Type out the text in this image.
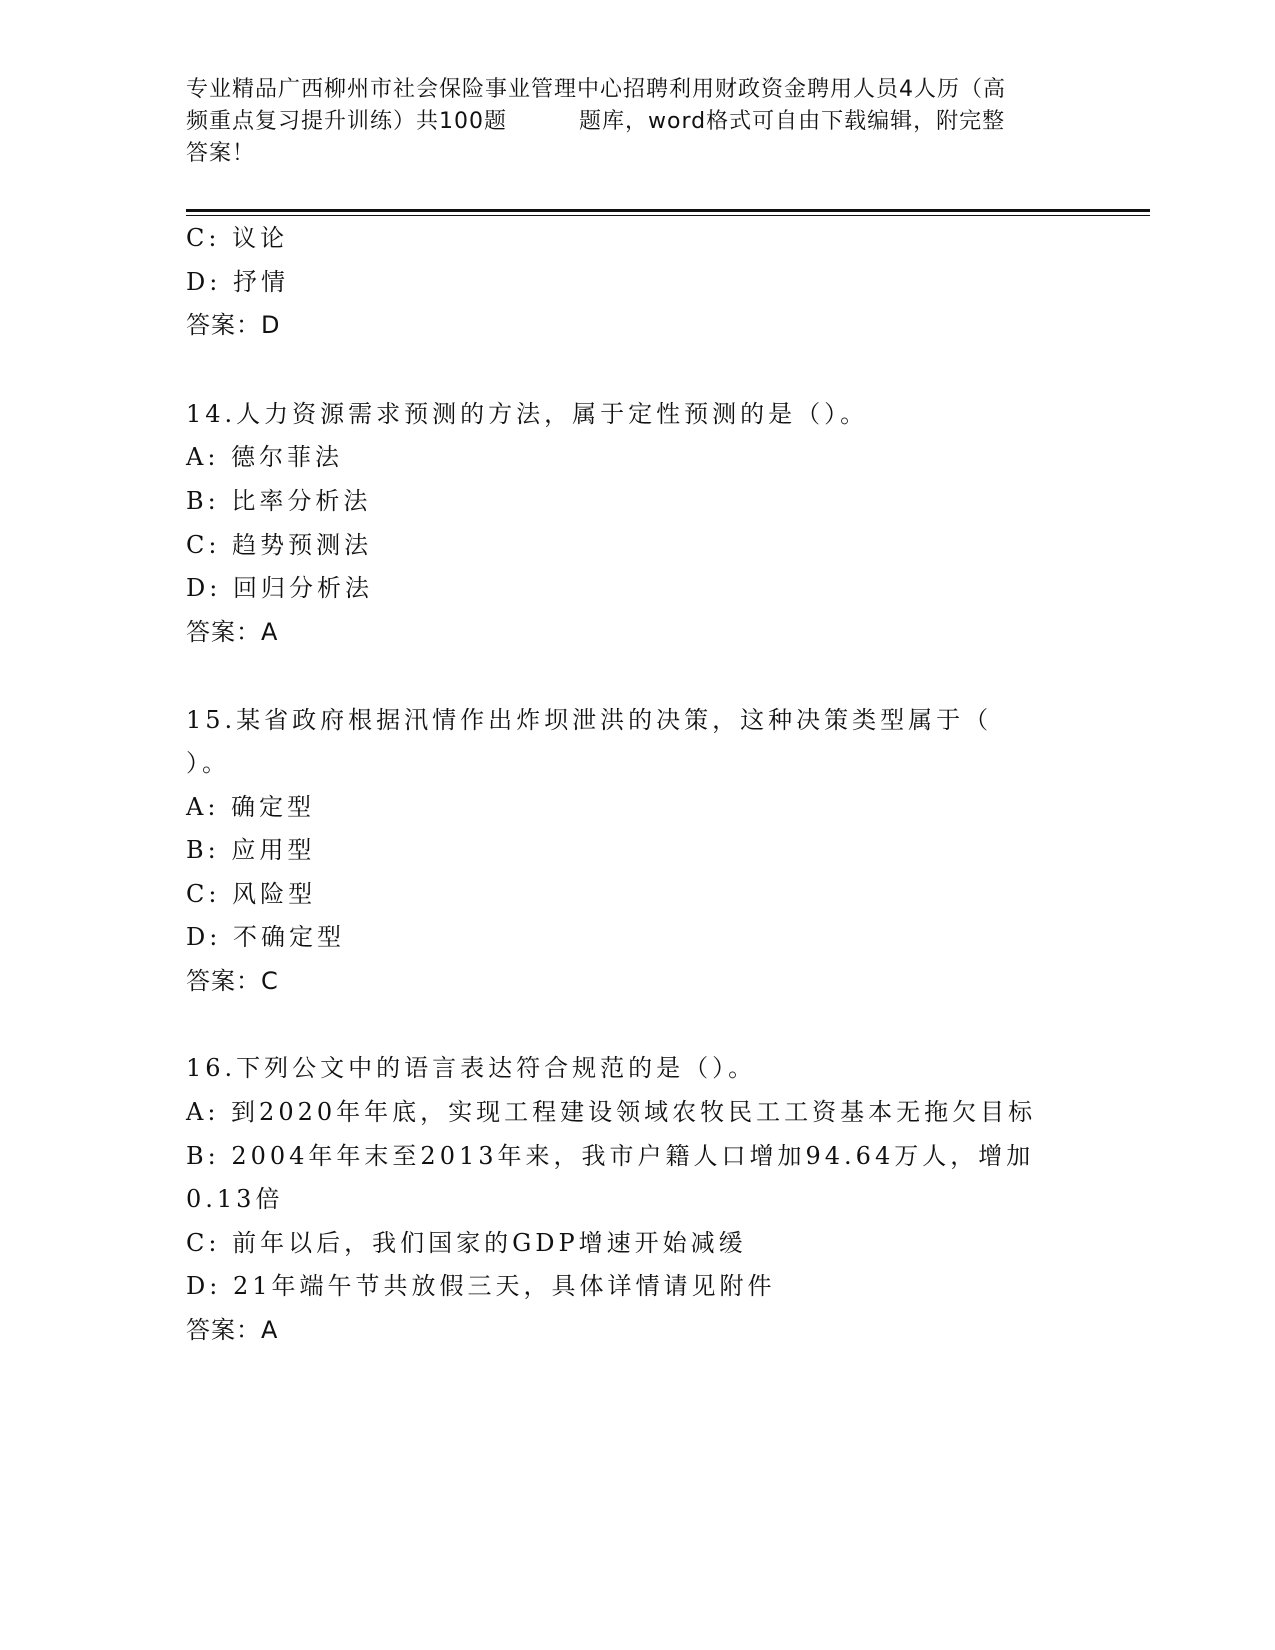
专业精品广西柳州市社会保险事业管理中心招聘利用财政资金聘用人员4人历（高
频重点复习提升训练）共100题	题库，word格式可自由下载编辑，附完整
答案！
C: 议论
D: 抒情
答案：D
14.人力资源需求预测的方法，属于定性预测的是（）。
A: 德尔菲法
B: 比率分析法
C: 趋势预测法
D: 回归分析法
答案：A
15.某省政府根据汛情作出炸坝泄洪的决策，这种决策类型属于（
）。
A: 确定型
B: 应用型
C: 风险型
D: 不确定型
答案：C
16.下列公文中的语言表达符合规范的是（）。
A: 到2020年年底，实现工程建设领域农牧民工工资基本无拖欠目标
B: 2004年年末至2013年来，我市户籍人口增加94.64万人，增加
0.13倍
C: 前年以后，我们国家的GDP增速开始减缓
D: 21年端午节共放假三天，具体详情请见附件
答案：A
